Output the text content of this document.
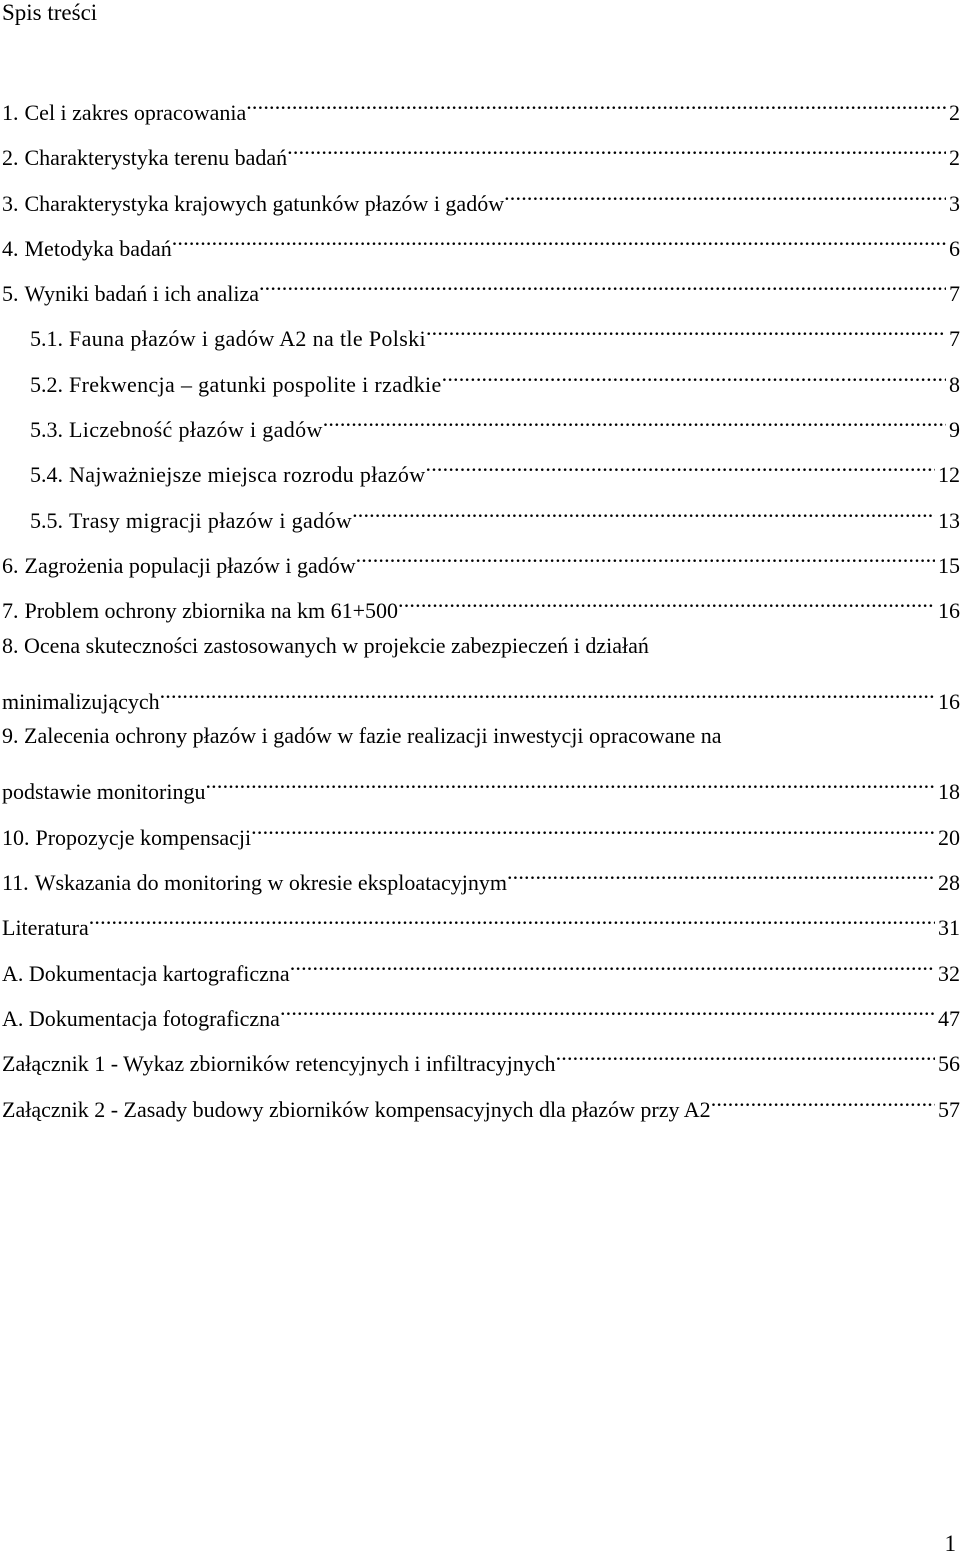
Spis treści
1. Cel i zakres opracowania .....	2
2. Charakterystyka terenu badań .....	2
3. Charakterystyka krajowych gatunków płazów i gadów .....	3
4. Metodyka badań .....	6
5. Wyniki badań i ich analiza .....	7
5.1. Fauna płazów i gadów A2 na tle Polski .....	7
5.2. Frekwencja – gatunki pospolite i rzadkie .....	8
5.3. Liczebność płazów i gadów .....	9
5.4. Najważniejsze miejsca rozrodu płazów .....	12
5.5. Trasy migracji płazów i gadów .....	13
6. Zagrożenia populacji płazów i gadów .....	15
7. Problem ochrony zbiornika na km 61+500 .....	16
8. Ocena skuteczności zastosowanych w projekcie zabezpieczeń i działań
minimalizujących .....	16
9. Zalecenia ochrony płazów i gadów w fazie realizacji inwestycji opracowane na
podstawie monitoringu .....	18
10. Propozycje kompensacji .....	20
11. Wskazania do monitoring w okresie eksploatacyjnym .....	28
Literatura .....	31
A. Dokumentacja kartograficzna .....	32
A. Dokumentacja fotograficzna .....	47
Załącznik 1 - Wykaz zbiorników retencyjnych i infiltracyjnych .....	56
Załącznik 2 - Zasady budowy zbiorników kompensacyjnych dla płazów przy A2 .....	57
1
